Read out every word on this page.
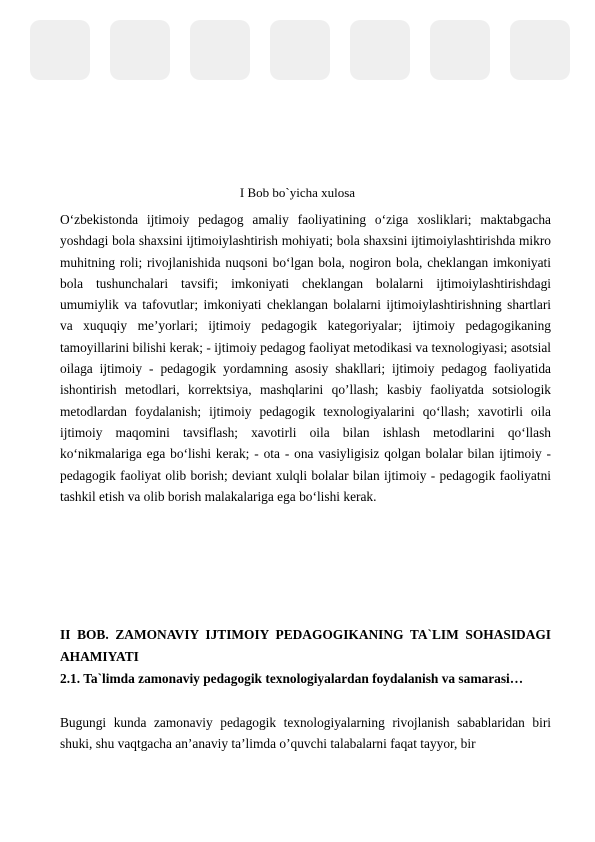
I Bob bo`yicha xulosa

O‘zbekistonda ijtimoiy pedagog amaliy faoliyatining o‘ziga xosliklari; maktabgacha yoshdagi bola shaxsini ijtimoiylashtirish mohiyati; bola shaxsini ijtimoiylashtirishda mikro muhitning roli; rivojlanishida nuqsoni bo‘lgan bola, nogiron bola, cheklangan imkoniyati bola tushunchalari tavsifi; imkoniyati cheklangan bolalarni ijtimoiylashtirishdagi umumiylik va tafovutlar; imkoniyati cheklangan bolalarni ijtimoiylashtirishning shartlari va xuquqiy me’yorlari; ijtimoiy pedagogik kategoriyalar; ijtimoiy pedagogikaning tamoyillarini bilishi kerak; - ijtimoiy pedagog faoliyat metodikasi va texnologiyasi; asotsial oilaga ijtimoiy - pedagogik yordamning asosiy shakllari; ijtimoiy pedagog faoliyatida ishontirish metodlari, korrektsiya, mashqlarini qo’llash; kasbiy faoliyatda sotsiologik metodlardan foydalanish; ijtimoiy pedagogik texnologiyalarini qo‘llash; xavotirli oila ijtimoiy maqomini tavsiflash; xavotirli oila bilan ishlash metodlarini qo‘llash ko‘nikmalariga ega bo‘lishi kerak; - ota - ona vasiyligisiz qolgan bolalar bilan ijtimoiy - pedagogik faoliyat olib borish; deviant xulqli bolalar bilan ijtimoiy - pedagogik faoliyatni tashkil etish va olib borish malakalariga ega bo‘lishi kerak.

II BOB. ZAMONAVIY IJTIMOIY PEDAGOGIKANING TA`LIM SOHASIDAGI AHAMIYATI

2.1. Ta`limda zamonaviy pedagogik texnologiyalardan foydalanish va samarasi…

Bugungi kunda zamonaviy pedagogik texnologiyalarning rivojlanish sabablaridan biri shuki, shu vaqtgacha an’anaviy ta’limda o’quvchi talabalarni faqat tayyor, bir
